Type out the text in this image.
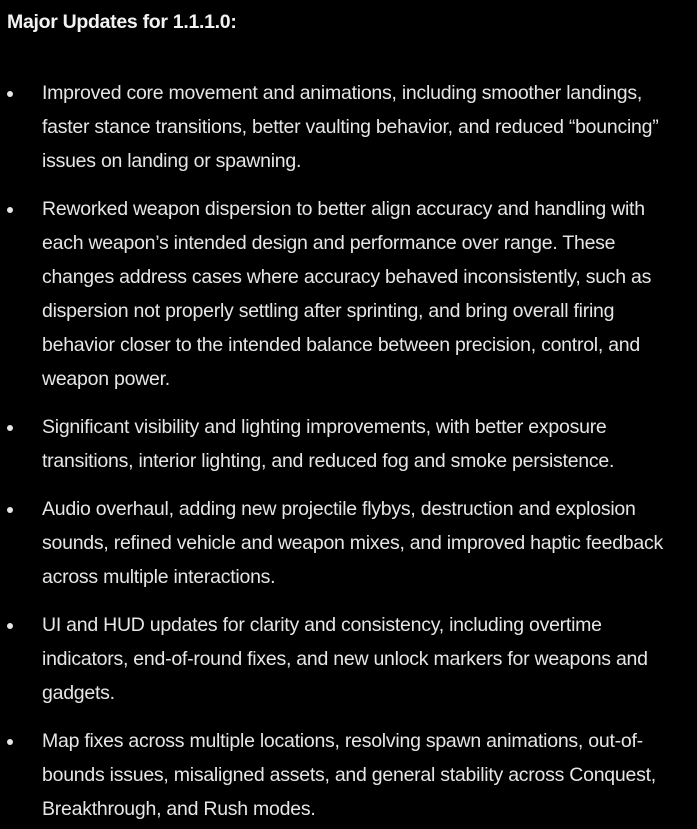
Major Updates for 1.1.1.0:
Improved core movement and animations, including smoother landings, faster stance transitions, better vaulting behavior, and reduced “bouncing” issues on landing or spawning.
Reworked weapon dispersion to better align accuracy and handling with each weapon’s intended design and performance over range. These changes address cases where accuracy behaved inconsistently, such as dispersion not properly settling after sprinting, and bring overall firing behavior closer to the intended balance between precision, control, and weapon power.
Significant visibility and lighting improvements, with better exposure transitions, interior lighting, and reduced fog and smoke persistence.
Audio overhaul, adding new projectile flybys, destruction and explosion sounds, refined vehicle and weapon mixes, and improved haptic feedback across multiple interactions.
UI and HUD updates for clarity and consistency, including overtime indicators, end-of-round fixes, and new unlock markers for weapons and gadgets.
Map fixes across multiple locations, resolving spawn animations, out-of-bounds issues, misaligned assets, and general stability across Conquest, Breakthrough, and Rush modes.
